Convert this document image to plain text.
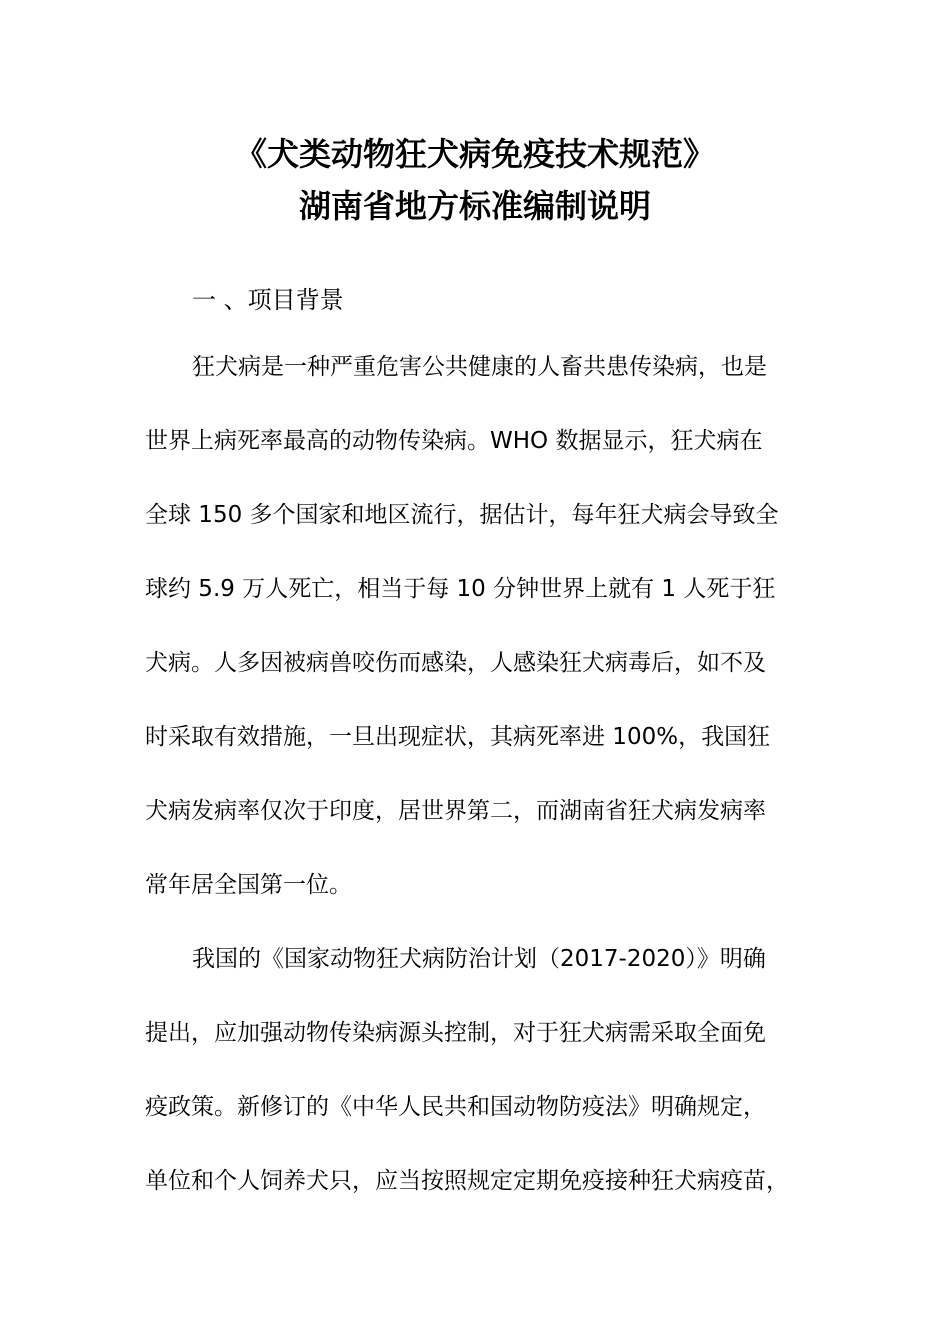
《犬类动物狂犬病免疫技术规范》
湖南省地方标准编制说明
一 、项目背景
狂犬病是一种严重危害公共健康的人畜共患传染病，也是
世界上病死率最高的动物传染病。WHO 数据显示，狂犬病在
全球 150 多个国家和地区流行，据估计，每年狂犬病会导致全
球约 5.9 万人死亡，相当于每 10 分钟世界上就有 1 人死于狂
犬病。人多因被病兽咬伤而感染，人感染狂犬病毒后，如不及
时采取有效措施，一旦出现症状，其病死率进 100%，我国狂
犬病发病率仅次于印度，居世界第二，而湖南省狂犬病发病率
常年居全国第一位。
我国的《国家动物狂犬病防治计划（2017-2020）》明确
提出，应加强动物传染病源头控制，对于狂犬病需采取全面免
疫政策。新修订的《中华人民共和国动物防疫法》明确规定，
单位和个人饲养犬只，应当按照规定定期免疫接种狂犬病疫苗，
